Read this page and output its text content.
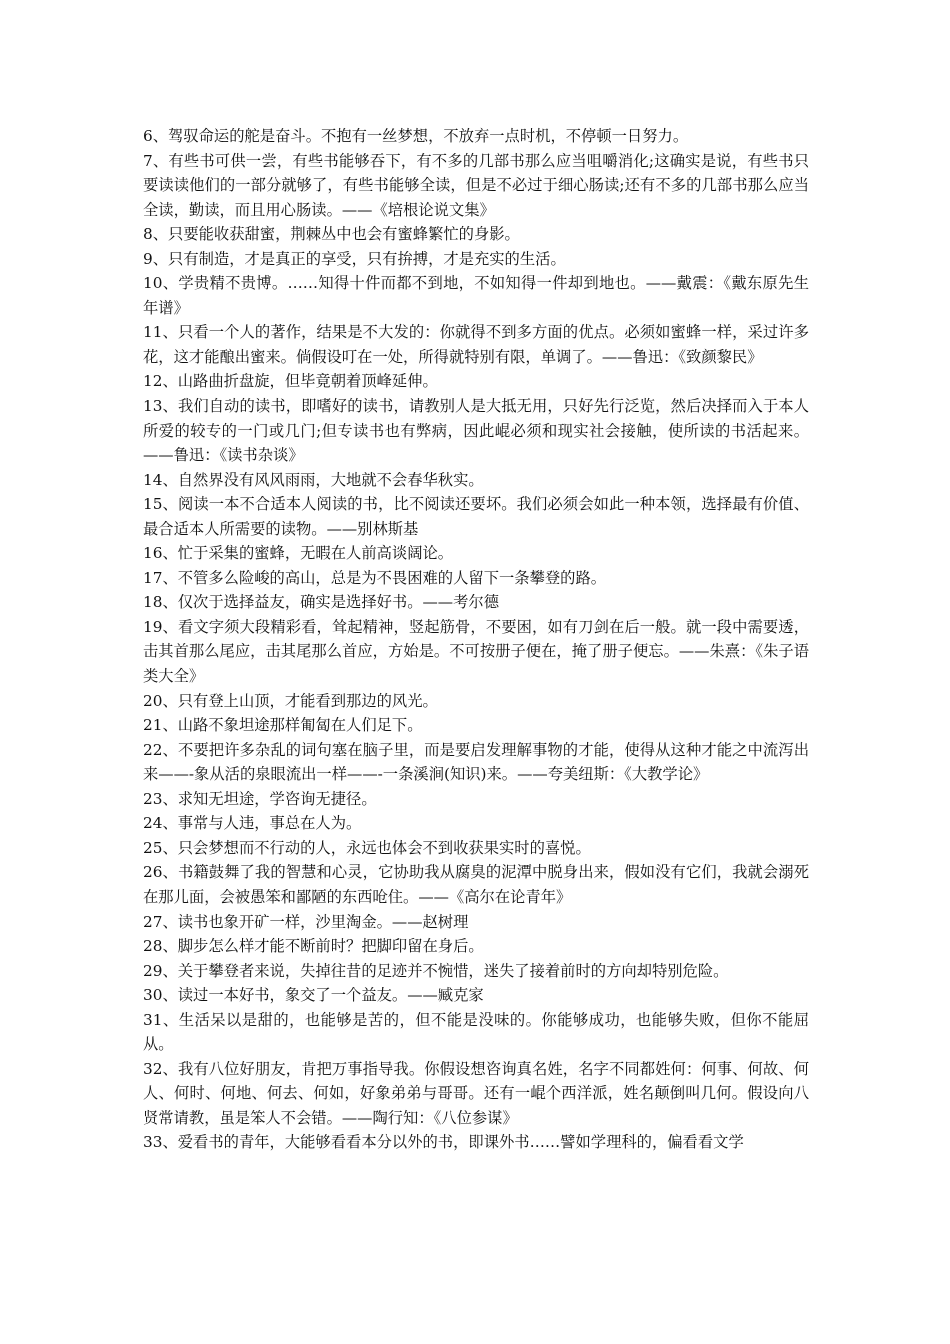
6、驾驭命运的舵是奋斗。不抱有一丝梦想，不放弃一点时机，不停顿一日努力。

7、有些书可供一尝，有些书能够吞下，有不多的几部书那么应当咀嚼消化;这确实是说，有些书只要读读他们的一部分就够了，有些书能够全读，但是不必过于细心肠读;还有不多的几部书那么应当全读，勤读，而且用心肠读。——《培根论说文集》

8、只要能收获甜蜜，荆棘丛中也会有蜜蜂繁忙的身影。

9、只有制造，才是真正的享受，只有拚搏，才是充实的生活。

10、学贵精不贵博。……知得十件而都不到地，不如知得一件却到地也。——戴震：《戴东原先生年谱》

11、只看一个人的著作，结果是不大发的：你就得不到多方面的优点。必须如蜜蜂一样，采过许多花，这才能酿出蜜来。倘假设叮在一处，所得就特别有限，单调了。——鲁迅：《致颜黎民》

12、山路曲折盘旋，但毕竟朝着顶峰延伸。

13、我们自动的读书，即嗜好的读书，请教别人是大抵无用，只好先行泛览，然后决择而入于本人所爱的较专的一门或几门;但专读书也有弊病，因此崐必须和现实社会接触，使所读的书活起来。——鲁迅：《读书杂谈》

14、自然界没有风风雨雨，大地就不会春华秋实。

15、阅读一本不合适本人阅读的书，比不阅读还要坏。我们必须会如此一种本领，选择最有价值、最合适本人所需要的读物。——别林斯基

16、忙于采集的蜜蜂，无暇在人前高谈阔论。

17、不管多么险峻的高山，总是为不畏困难的人留下一条攀登的路。

18、仅次于选择益友，确实是选择好书。——考尔德

19、看文字须大段精彩看，耸起精神，竖起筋骨，不要困，如有刀剑在后一般。就一段中需要透，击其首那么尾应，击其尾那么首应，方始是。不可按册子便在，掩了册子便忘。——朱熹：《朱子语类大全》

20、只有登上山顶，才能看到那边的风光。

21、山路不象坦途那样匍匐在人们足下。

22、不要把许多杂乱的词句塞在脑子里，而是要启发理解事物的才能，使得从这种才能之中流泻出来——-象从活的泉眼流出一样——-一条溪涧(知识)来。——夸美纽斯：《大教学论》

23、求知无坦途，学咨询无捷径。

24、事常与人违，事总在人为。

25、只会梦想而不行动的人，永远也体会不到收获果实时的喜悦。

26、书籍鼓舞了我的智慧和心灵，它协助我从腐臭的泥潭中脱身出来，假如没有它们，我就会溺死在那儿面，会被愚笨和鄙陋的东西呛住。——《高尔在论青年》

27、读书也象开矿一样，沙里淘金。——赵树理

28、脚步怎么样才能不断前时？把脚印留在身后。

29、关于攀登者来说，失掉往昔的足迹并不惋惜，迷失了接着前时的方向却特别危险。

30、读过一本好书，象交了一个益友。——臧克家

31、生活呆以是甜的，也能够是苦的，但不能是没味的。你能够成功，也能够失败，但你不能屈从。

32、我有八位好朋友，肯把万事指导我。你假设想咨询真名姓，名字不同都姓何：何事、何故、何人、何时、何地、何去、何如，好象弟弟与哥哥。还有一崐个西洋派，姓名颠倒叫几何。假设向八贤常请教，虽是笨人不会错。——陶行知：《八位参谋》

33、爱看书的青年，大能够看看本分以外的书，即课外书……譬如学理科的，偏看看文学
